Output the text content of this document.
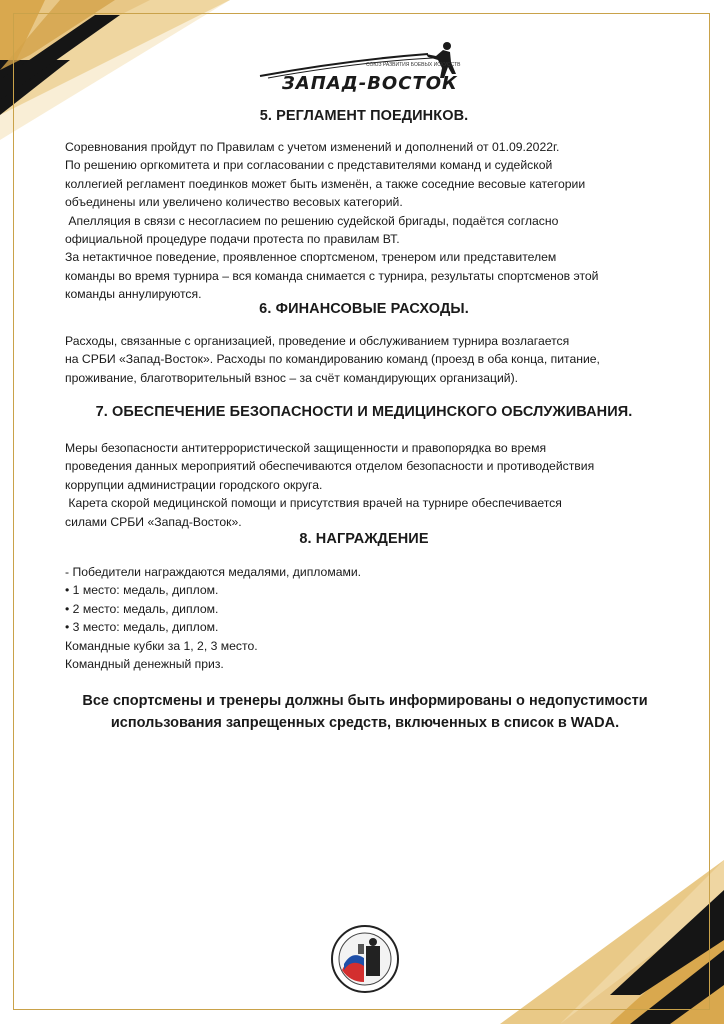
СОЮЗ РАЗВИТИЯ БОЕВЫХ ИСКУССТВ
ЗАПАД-ВОСТОК
5. РЕГЛАМЕНТ ПОЕДИНКОВ.

Соревнования пройдут по Правилам с учетом изменений и дополнений от 01.09.2022г.

По решению оргкомитета и при согласовании с представителями команд и судейской

коллегией регламент поединков может быть изменён, а также соседние весовые категории

объединены или увеличено количество весовых категорий.

Апелляция в связи с несогласием по решению судейской бригады, подаётся согласно

официальной процедуре подачи протеста по правилам ВТ.

За нетактичное поведение, проявленное спортсменом, тренером или представителем

команды во время турнира – вся команда снимается с турнира, результаты спортсменов этой

команды аннулируются.

6. ФИНАНСОВЫЕ РАСХОДЫ.

Расходы, связанные с организацией, проведение и обслуживанием турнира возлагается

на СРБИ «Запад-Восток». Расходы по командированию команд (проезд в оба конца, питание,

проживание, благотворительный взнос – за счёт командирующих организаций).

7. ОБЕСПЕЧЕНИЕ БЕЗОПАСНОСТИ И МЕДИЦИНСКОГО ОБСЛУЖИВАНИЯ.

Меры безопасности антитеррористической защищенности и правопорядка во время

проведения данных мероприятий обеспечиваются отделом безопасности и противодействия

коррупции администрации городского округа.

Карета скорой медицинской помощи и присутствия врачей на турнире обеспечивается

силами СРБИ «Запад-Восток».

8. НАГРАЖДЕНИЕ

- Победители награждаются медалями, дипломами.

• 1 место: медаль, диплом.

• 2 место: медаль, диплом.

• 3 место: медаль, диплом.

Командные кубки за 1, 2, 3 место.

Командный денежный приз.

Все спортсмены и тренеры должны быть информированы о недопустимости
использования запрещенных средств, включенных в список в WADA.
